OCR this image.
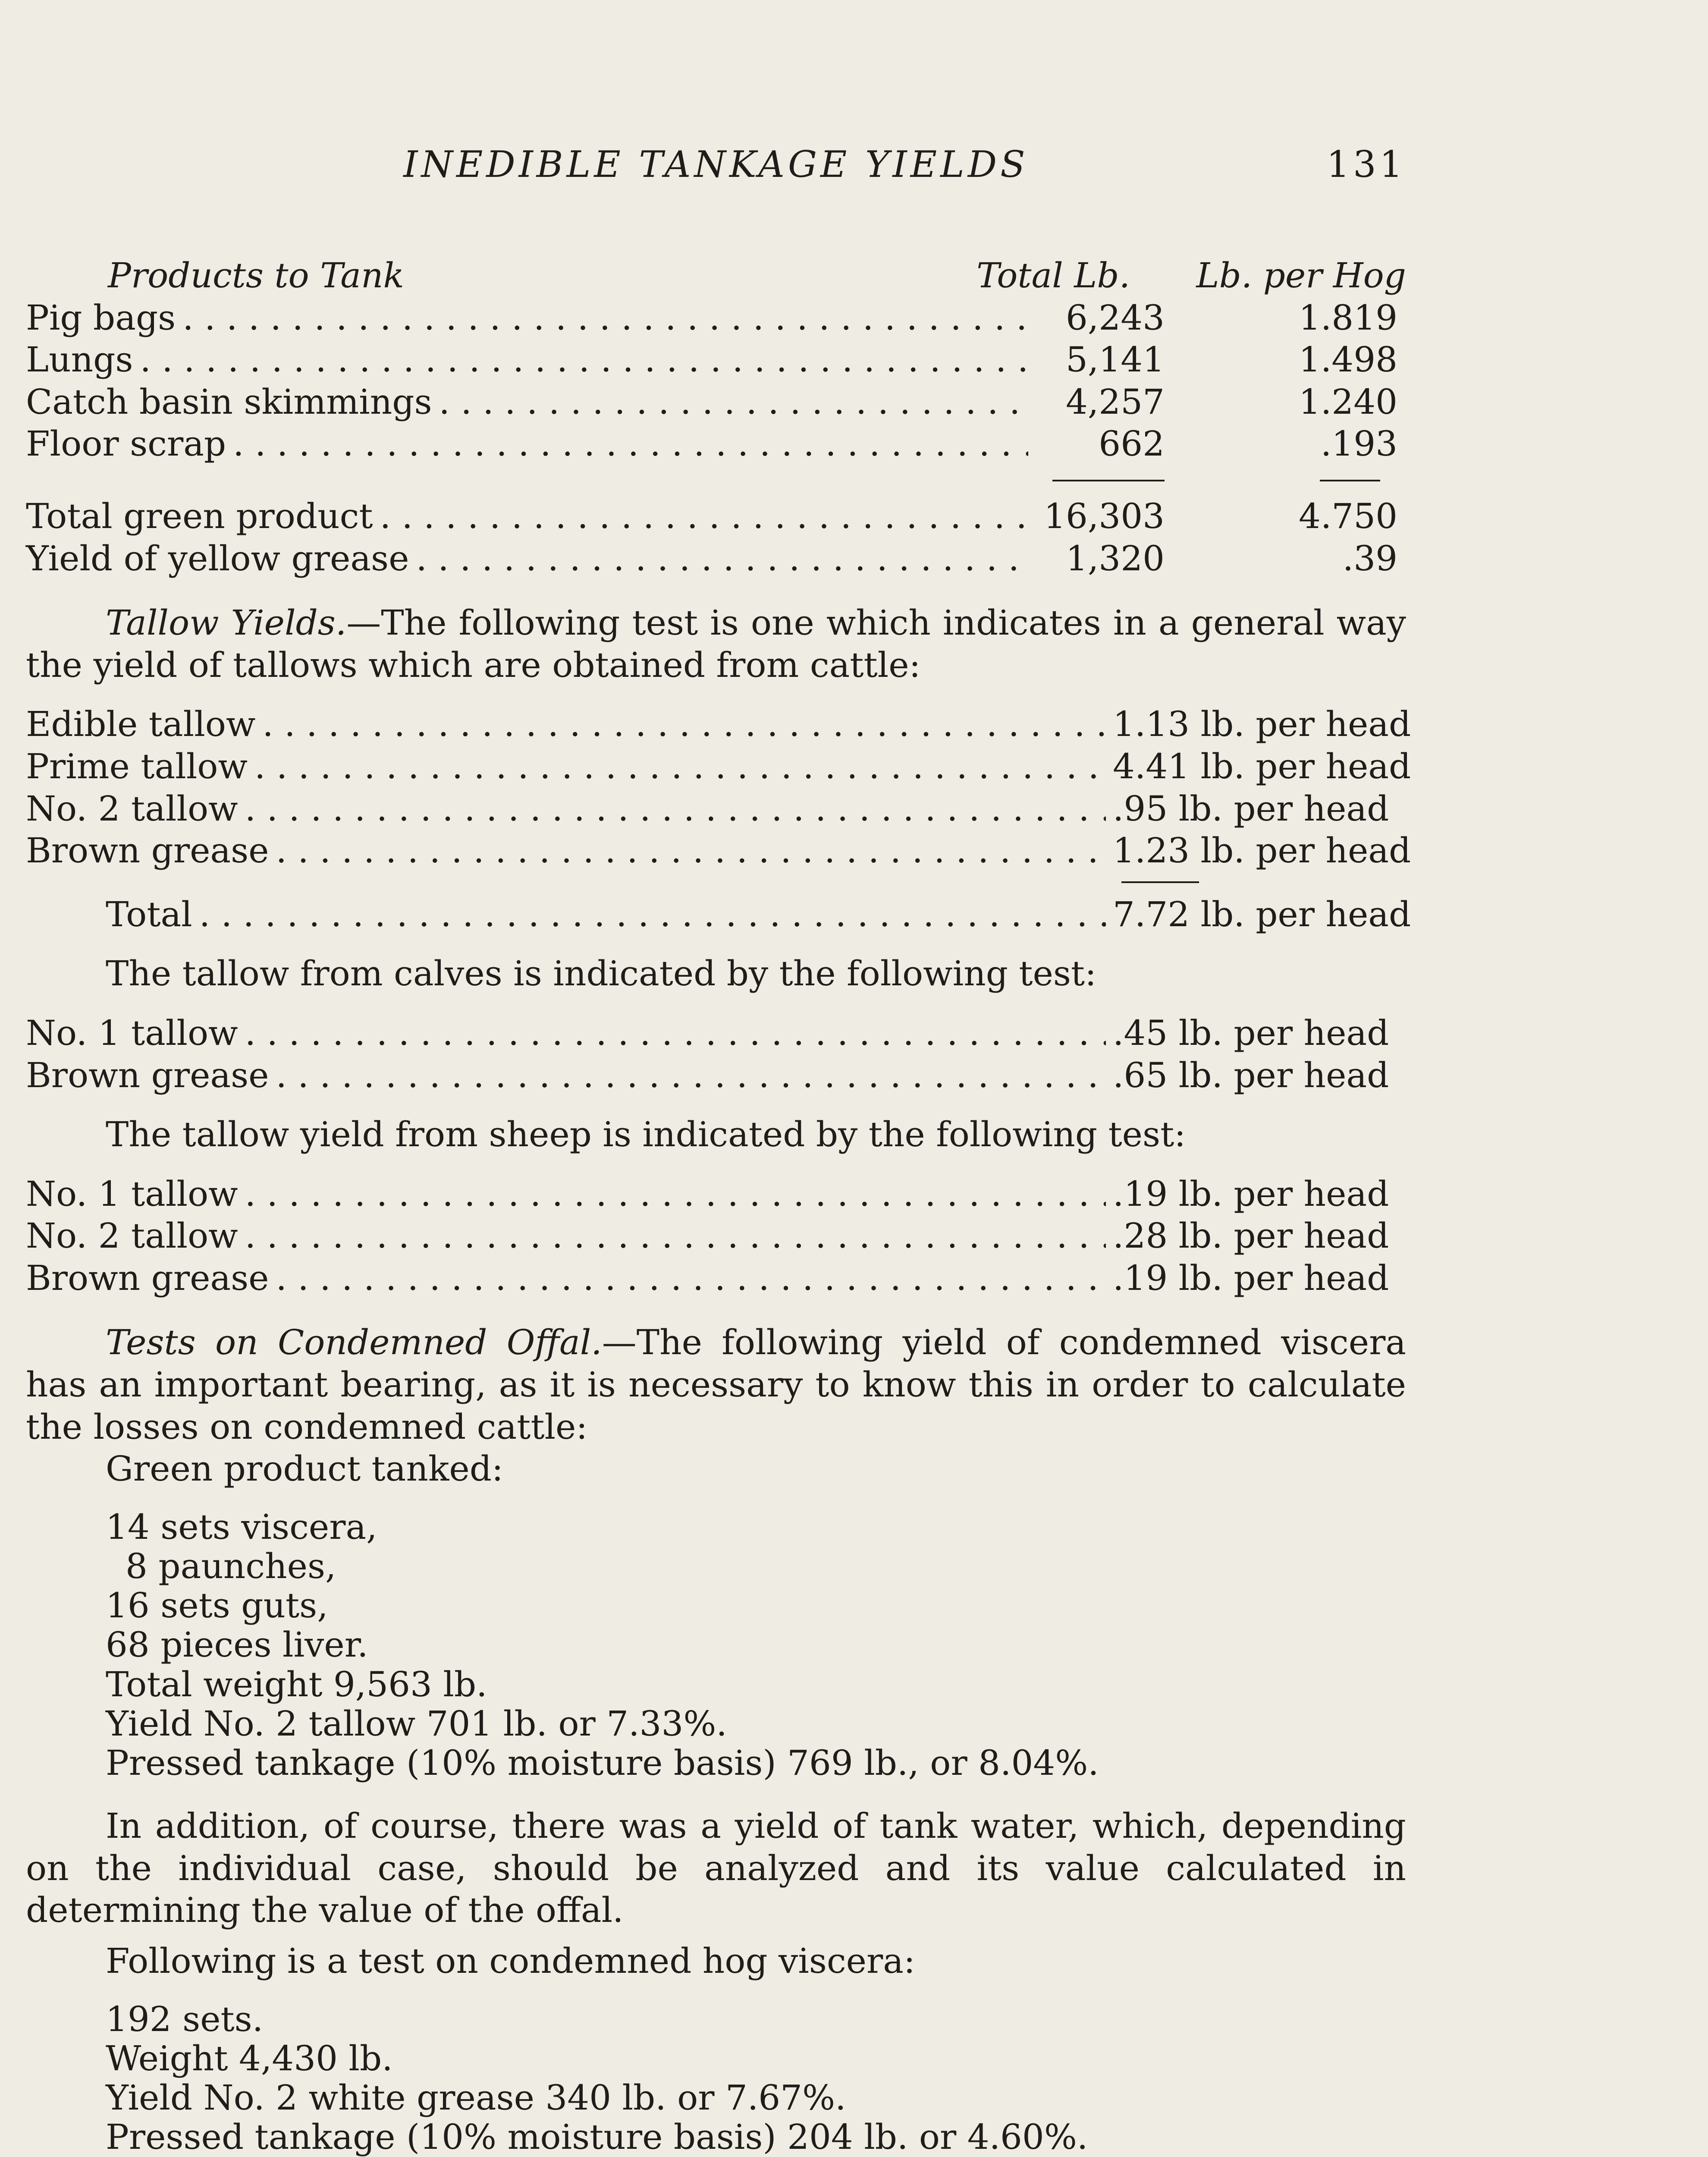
INEDIBLE TANKAGE YIELDS	131
Products to Tank	Total Lb.	Lb. per Hog
Pig bags . . .	6,243	1.819
Lungs . . .	5,141	1.498
Catch basin skimmings . . .	4,257	1.240
Floor scrap . . .	662	.193
Total green product . . .	16,303	4.750
Yield of yellow grease . . .	1,320	.39

Tallow Yields.—The following test is one which indicates in a general way the yield of tallows which are obtained from cattle:

Edible tallow . . .	1.13 lb. per head
Prime tallow . . .	4.41 lb. per head
No. 2 tallow . . .	.95 lb. per head
Brown grease . . .	1.23 lb. per head
Total . . .	7.72 lb. per head

The tallow from calves is indicated by the following test:

No. 1 tallow . . .	.45 lb. per head
Brown grease . . .	.65 lb. per head

The tallow yield from sheep is indicated by the following test:

No. 1 tallow . . .	.19 lb. per head
No. 2 tallow . . .	.28 lb. per head
Brown grease . . .	.19 lb. per head

Tests on Condemned Offal.—The following yield of condemned viscera has an important bearing, as it is necessary to know this in order to calculate the losses on condemned cattle:

Green product tanked:

14 sets viscera,
8 paunches,
16 sets guts,
68 pieces liver.
Total weight 9,563 lb.
Yield No. 2 tallow 701 lb. or 7.33%.
Pressed tankage (10% moisture basis) 769 lb., or 8.04%.

In addition, of course, there was a yield of tank water, which, depending on the individual case, should be analyzed and its value calculated in determining the value of the offal.

Following is a test on condemned hog viscera:

192 sets.
Weight 4,430 lb.
Yield No. 2 white grease 340 lb. or 7.67%.
Pressed tankage (10% moisture basis) 204 lb. or 4.60%.
